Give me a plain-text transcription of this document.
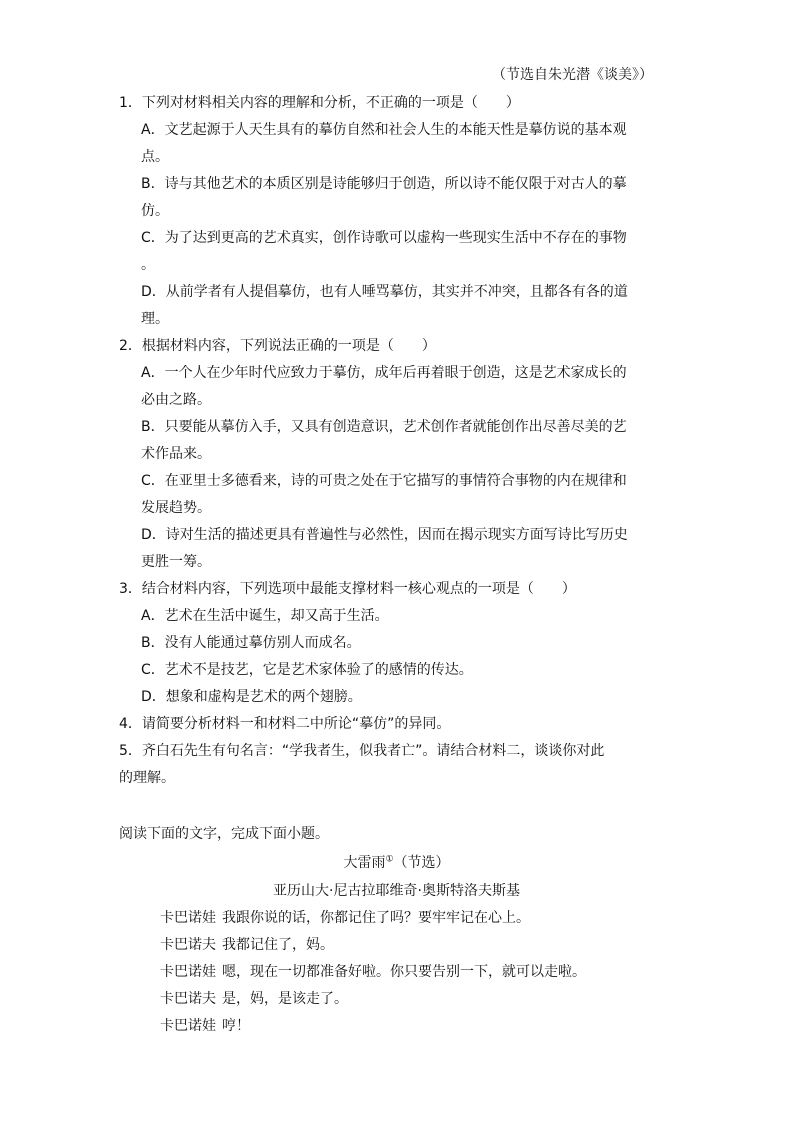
（节选自朱光潜《谈美》）
1．下列对材料相关内容的理解和分析，不正确的一项是（　　）
A．文艺起源于人天生具有的摹仿自然和社会人生的本能天性是摹仿说的基本观
点。
B．诗与其他艺术的本质区别是诗能够归于创造，所以诗不能仅限于对古人的摹
仿。
C．为了达到更高的艺术真实，创作诗歌可以虚构一些现实生活中不存在的事物
。
D．从前学者有人提倡摹仿，也有人唾骂摹仿，其实并不冲突，且都各有各的道
理。
2．根据材料内容，下列说法正确的一项是（　　）
A．一个人在少年时代应致力于摹仿，成年后再着眼于创造，这是艺术家成长的
必由之路。
B．只要能从摹仿入手，又具有创造意识，艺术创作者就能创作出尽善尽美的艺
术作品来。
C．在亚里士多德看来，诗的可贵之处在于它描写的事情符合事物的内在规律和
发展趋势。
D．诗对生活的描述更具有普遍性与必然性，因而在揭示现实方面写诗比写历史
更胜一筹。
3．结合材料内容，下列选项中最能支撑材料一核心观点的一项是（　　）
A．艺术在生活中诞生，却又高于生活。
B．没有人能通过摹仿别人而成名。
C．艺术不是技艺，它是艺术家体验了的感情的传达。
D．想象和虚构是艺术的两个翅膀。
4．请简要分析材料一和材料二中所论“摹仿”的异同。
5．齐白石先生有句名言：“学我者生，似我者亡”。请结合材料二，谈谈你对此
的理解。
阅读下面的文字，完成下面小题。
大雷雨①（节选）
亚历山大·尼古拉耶维奇·奥斯特洛夫斯基
卡巴诺娃 我跟你说的话，你都记住了吗？要牢牢记在心上。
卡巴诺夫 我都记住了，妈。
卡巴诺娃 嗯，现在一切都准备好啦。你只要告别一下，就可以走啦。
卡巴诺夫 是，妈，是该走了。
卡巴诺娃 哼！
